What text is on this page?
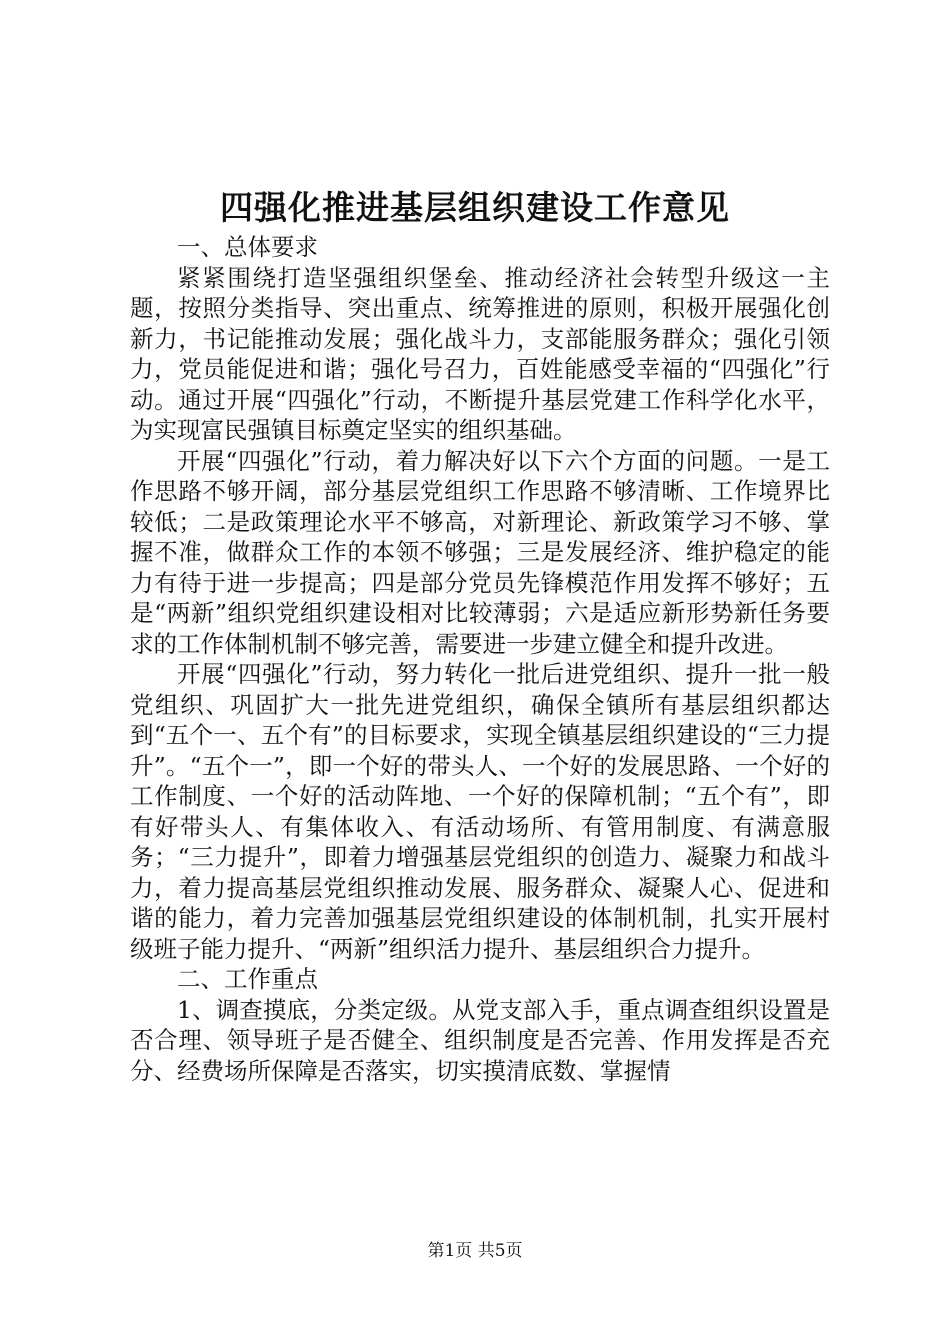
四强化推进基层组织建设工作意见

一、总体要求

紧紧围绕打造坚强组织堡垒、推动经济社会转型升级这一主题，按照分类指导、突出重点、统筹推进的原则，积极开展强化创新力，书记能推动发展；强化战斗力，支部能服务群众；强化引领力，党员能促进和谐；强化号召力，百姓能感受幸福的“四强化”行动。通过开展“四强化”行动，不断提升基层党建工作科学化水平，为实现富民强镇目标奠定坚实的组织基础。

开展“四强化”行动，着力解决好以下六个方面的问题。一是工作思路不够开阔，部分基层党组织工作思路不够清晰、工作境界比较低；二是政策理论水平不够高，对新理论、新政策学习不够、掌握不准，做群众工作的本领不够强；三是发展经济、维护稳定的能力有待于进一步提高；四是部分党员先锋模范作用发挥不够好；五是“两新”组织党组织建设相对比较薄弱；六是适应新形势新任务要求的工作体制机制不够完善，需要进一步建立健全和提升改进。

开展“四强化”行动，努力转化一批后进党组织、提升一批一般党组织、巩固扩大一批先进党组织，确保全镇所有基层组织都达到“五个一、五个有”的目标要求，实现全镇基层组织建设的“三力提升”。“五个一”，即一个好的带头人、一个好的发展思路、一个好的工作制度、一个好的活动阵地、一个好的保障机制；“五个有”，即有好带头人、有集体收入、有活动场所、有管用制度、有满意服务；“三力提升”，即着力增强基层党组织的创造力、凝聚力和战斗力，着力提高基层党组织推动发展、服务群众、凝聚人心、促进和谐的能力，着力完善加强基层党组织建设的体制机制，扎实开展村级班子能力提升、“两新”组织活力提升、基层组织合力提升。

二、工作重点

1、调查摸底，分类定级。从党支部入手，重点调查组织设置是否合理、领导班子是否健全、组织制度是否完善、作用发挥是否充分、经费场所保障是否落实，切实摸清底数、掌握情

第1页 共5页
